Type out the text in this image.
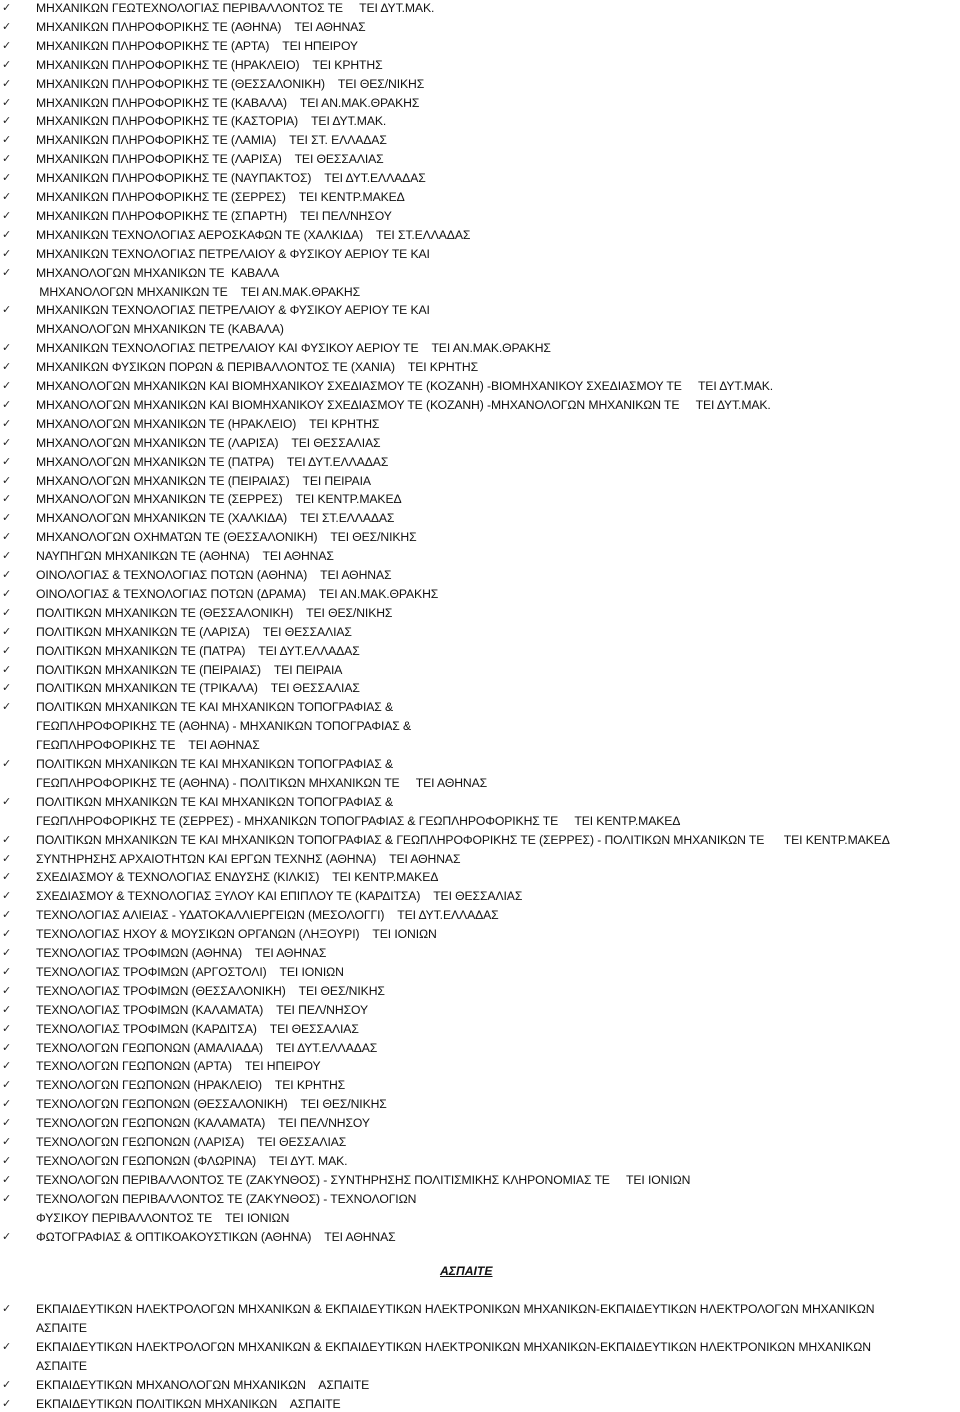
✓	ΜΗΧΑΝΙΚΩΝ ΓΕΩΤΕΧΝΟΛΟΓΙΑΣ ΠΕΡΙΒΑΛΛΟΝΤΟΣ ΤΕ     ΤΕΙ ΔΥΤ.ΜΑΚ.
✓	ΜΗΧΑΝΙΚΩΝ ΠΛΗΡΟΦΟΡΙΚΗΣ ΤΕ (ΑΘΗΝΑ)    ΤΕΙ ΑΘΗΝΑΣ
✓	ΜΗΧΑΝΙΚΩΝ ΠΛΗΡΟΦΟΡΙΚΗΣ ΤΕ (ΑΡΤΑ)    ΤΕΙ ΗΠΕΙΡΟΥ
✓	ΜΗΧΑΝΙΚΩΝ ΠΛΗΡΟΦΟΡΙΚΗΣ ΤΕ (ΗΡΑΚΛΕΙΟ)    ΤΕΙ ΚΡΗΤΗΣ
✓	ΜΗΧΑΝΙΚΩΝ ΠΛΗΡΟΦΟΡΙΚΗΣ ΤΕ (ΘΕΣΣΑΛΟΝΙΚΗ)    ΤΕΙ ΘΕΣ/ΝΙΚΗΣ
✓	ΜΗΧΑΝΙΚΩΝ ΠΛΗΡΟΦΟΡΙΚΗΣ ΤΕ (ΚΑΒΑΛΑ)    ΤΕΙ ΑΝ.ΜΑΚ.ΘΡΑΚΗΣ
✓	ΜΗΧΑΝΙΚΩΝ ΠΛΗΡΟΦΟΡΙΚΗΣ ΤΕ (ΚΑΣΤΟΡΙΑ)    ΤΕΙ ΔΥΤ.ΜΑΚ.
✓	ΜΗΧΑΝΙΚΩΝ ΠΛΗΡΟΦΟΡΙΚΗΣ ΤΕ (ΛΑΜΙΑ)    ΤΕΙ ΣΤ. ΕΛΛΑΔΑΣ
✓	ΜΗΧΑΝΙΚΩΝ ΠΛΗΡΟΦΟΡΙΚΗΣ ΤΕ (ΛΑΡΙΣΑ)    ΤΕΙ ΘΕΣΣΑΛΙΑΣ
✓	ΜΗΧΑΝΙΚΩΝ ΠΛΗΡΟΦΟΡΙΚΗΣ ΤΕ (ΝΑΥΠΑΚΤΟΣ)    ΤΕΙ ΔΥΤ.ΕΛΛΑΔΑΣ
✓	ΜΗΧΑΝΙΚΩΝ ΠΛΗΡΟΦΟΡΙΚΗΣ ΤΕ (ΣΕΡΡΕΣ)    ΤΕΙ ΚΕΝΤΡ.ΜΑΚΕΔ
✓	ΜΗΧΑΝΙΚΩΝ ΠΛΗΡΟΦΟΡΙΚΗΣ ΤΕ (ΣΠΑΡΤΗ)    ΤΕΙ ΠΕΛ/ΝΗΣΟΥ
✓	ΜΗΧΑΝΙΚΩΝ ΤΕΧΝΟΛΟΓΙΑΣ ΑΕΡΟΣΚΑΦΩΝ ΤΕ (ΧΑΛΚΙΔΑ)    ΤΕΙ ΣΤ.ΕΛΛΑΔΑΣ
✓	ΜΗΧΑΝΙΚΩΝ ΤΕΧΝΟΛΟΓΙΑΣ ΠΕΤΡΕΛΑΙΟΥ & ΦΥΣΙΚΟΥ ΑΕΡΙΟΥ ΤΕ ΚΑΙ
✓	ΜΗΧΑΝΟΛΟΓΩΝ ΜΗΧΑΝΙΚΩΝ ΤΕ  ΚΑΒΑΛΑ
ΜΗΧΑΝΟΛΟΓΩΝ ΜΗΧΑΝΙΚΩΝ ΤΕ    ΤΕΙ ΑΝ.ΜΑΚ.ΘΡΑΚΗΣ
✓	ΜΗΧΑΝΙΚΩΝ ΤΕΧΝΟΛΟΓΙΑΣ ΠΕΤΡΕΛΑΙΟΥ & ΦΥΣΙΚΟΥ ΑΕΡΙΟΥ ΤΕ ΚΑΙ
ΜΗΧΑΝΟΛΟΓΩΝ ΜΗΧΑΝΙΚΩΝ ΤΕ (ΚΑΒΑΛΑ)
✓	ΜΗΧΑΝΙΚΩΝ ΤΕΧΝΟΛΟΓΙΑΣ ΠΕΤΡΕΛΑΙΟΥ ΚΑΙ ΦΥΣΙΚΟΥ ΑΕΡΙΟΥ ΤΕ    ΤΕΙ ΑΝ.ΜΑΚ.ΘΡΑΚΗΣ
✓	ΜΗΧΑΝΙΚΩΝ ΦΥΣΙΚΩΝ ΠΟΡΩΝ & ΠΕΡΙΒΑΛΛΟΝΤΟΣ ΤΕ (ΧΑΝΙΑ)    ΤΕΙ ΚΡΗΤΗΣ
✓	ΜΗΧΑΝΟΛΟΓΩΝ ΜΗΧΑΝΙΚΩΝ ΚΑΙ ΒΙΟΜΗΧΑΝΙΚΟΥ ΣΧΕΔΙΑΣΜΟΥ ΤΕ (ΚΟΖΑΝΗ) -ΒΙΟΜΗΧΑΝΙΚΟΥ ΣΧΕΔΙΑΣΜΟΥ ΤΕ     ΤΕΙ ΔΥΤ.ΜΑΚ.
✓	ΜΗΧΑΝΟΛΟΓΩΝ ΜΗΧΑΝΙΚΩΝ ΚΑΙ ΒΙΟΜΗΧΑΝΙΚΟΥ ΣΧΕΔΙΑΣΜΟΥ ΤΕ (ΚΟΖΑΝΗ) -ΜΗΧΑΝΟΛΟΓΩΝ ΜΗΧΑΝΙΚΩΝ ΤΕ     ΤΕΙ ΔΥΤ.ΜΑΚ.
✓	ΜΗΧΑΝΟΛΟΓΩΝ ΜΗΧΑΝΙΚΩΝ ΤΕ (ΗΡΑΚΛΕΙΟ)    ΤΕΙ ΚΡΗΤΗΣ
✓	ΜΗΧΑΝΟΛΟΓΩΝ ΜΗΧΑΝΙΚΩΝ ΤΕ (ΛΑΡΙΣΑ)    ΤΕΙ ΘΕΣΣΑΛΙΑΣ
✓	ΜΗΧΑΝΟΛΟΓΩΝ ΜΗΧΑΝΙΚΩΝ ΤΕ (ΠΑΤΡΑ)    ΤΕΙ ΔΥΤ.ΕΛΛΑΔΑΣ
✓	ΜΗΧΑΝΟΛΟΓΩΝ ΜΗΧΑΝΙΚΩΝ ΤΕ (ΠΕΙΡΑΙΑΣ)    ΤΕΙ ΠΕΙΡΑΙΑ
✓	ΜΗΧΑΝΟΛΟΓΩΝ ΜΗΧΑΝΙΚΩΝ ΤΕ (ΣΕΡΡΕΣ)    ΤΕΙ ΚΕΝΤΡ.ΜΑΚΕΔ
✓	ΜΗΧΑΝΟΛΟΓΩΝ ΜΗΧΑΝΙΚΩΝ ΤΕ (ΧΑΛΚΙΔΑ)    ΤΕΙ ΣΤ.ΕΛΛΑΔΑΣ
✓	ΜΗΧΑΝΟΛΟΓΩΝ ΟΧΗΜΑΤΩΝ ΤΕ (ΘΕΣΣΑΛΟΝΙΚΗ)    ΤΕΙ ΘΕΣ/ΝΙΚΗΣ
✓	ΝΑΥΠΗΓΩΝ ΜΗΧΑΝΙΚΩΝ ΤΕ (ΑΘΗΝΑ)    ΤΕΙ ΑΘΗΝΑΣ
✓	ΟΙΝΟΛΟΓΙΑΣ & ΤΕΧΝΟΛΟΓΙΑΣ ΠΟΤΩΝ (ΑΘΗΝΑ)    ΤΕΙ ΑΘΗΝΑΣ
✓	ΟΙΝΟΛΟΓΙΑΣ & ΤΕΧΝΟΛΟΓΙΑΣ ΠΟΤΩΝ (ΔΡΑΜΑ)    ΤΕΙ ΑΝ.ΜΑΚ.ΘΡΑΚΗΣ
✓	ΠΟΛΙΤΙΚΩΝ ΜΗΧΑΝΙΚΩΝ ΤΕ (ΘΕΣΣΑΛΟΝΙΚΗ)    ΤΕΙ ΘΕΣ/ΝΙΚΗΣ
✓	ΠΟΛΙΤΙΚΩΝ ΜΗΧΑΝΙΚΩΝ ΤΕ (ΛΑΡΙΣΑ)    ΤΕΙ ΘΕΣΣΑΛΙΑΣ
✓	ΠΟΛΙΤΙΚΩΝ ΜΗΧΑΝΙΚΩΝ ΤΕ (ΠΑΤΡΑ)    ΤΕΙ ΔΥΤ.ΕΛΛΑΔΑΣ
✓	ΠΟΛΙΤΙΚΩΝ ΜΗΧΑΝΙΚΩΝ ΤΕ (ΠΕΙΡΑΙΑΣ)    ΤΕΙ ΠΕΙΡΑΙΑ
✓	ΠΟΛΙΤΙΚΩΝ ΜΗΧΑΝΙΚΩΝ ΤΕ (ΤΡΙΚΑΛΑ)    ΤΕΙ ΘΕΣΣΑΛΙΑΣ
✓	ΠΟΛΙΤΙΚΩΝ ΜΗΧΑΝΙΚΩΝ ΤΕ ΚΑΙ ΜΗΧΑΝΙΚΩΝ ΤΟΠΟΓΡΑΦΙΑΣ &
ΓΕΩΠΛΗΡΟΦΟΡΙΚΗΣ ΤΕ (ΑΘΗΝΑ) - ΜΗΧΑΝΙΚΩΝ ΤΟΠΟΓΡΑΦΙΑΣ &
ΓΕΩΠΛΗΡΟΦΟΡΙΚΗΣ ΤΕ    ΤΕΙ ΑΘΗΝΑΣ
✓	ΠΟΛΙΤΙΚΩΝ ΜΗΧΑΝΙΚΩΝ ΤΕ ΚΑΙ ΜΗΧΑΝΙΚΩΝ ΤΟΠΟΓΡΑΦΙΑΣ &
ΓΕΩΠΛΗΡΟΦΟΡΙΚΗΣ ΤΕ (ΑΘΗΝΑ) - ΠΟΛΙΤΙΚΩΝ ΜΗΧΑΝΙΚΩΝ ΤΕ     ΤΕΙ ΑΘΗΝΑΣ
✓	ΠΟΛΙΤΙΚΩΝ ΜΗΧΑΝΙΚΩΝ ΤΕ ΚΑΙ ΜΗΧΑΝΙΚΩΝ ΤΟΠΟΓΡΑΦΙΑΣ &
ΓΕΩΠΛΗΡΟΦΟΡΙΚΗΣ ΤΕ (ΣΕΡΡΕΣ) - ΜΗΧΑΝΙΚΩΝ ΤΟΠΟΓΡΑΦΙΑΣ & ΓΕΩΠΛΗΡΟΦΟΡΙΚΗΣ ΤΕ     ΤΕΙ ΚΕΝΤΡ.ΜΑΚΕΔ
✓	ΠΟΛΙΤΙΚΩΝ ΜΗΧΑΝΙΚΩΝ ΤΕ ΚΑΙ ΜΗΧΑΝΙΚΩΝ ΤΟΠΟΓΡΑΦΙΑΣ & ΓΕΩΠΛΗΡΟΦΟΡΙΚΗΣ ΤΕ (ΣΕΡΡΕΣ) - ΠΟΛΙΤΙΚΩΝ ΜΗΧΑΝΙΚΩΝ ΤΕ      ΤΕΙ ΚΕΝΤΡ.ΜΑΚΕΔ
✓	ΣΥΝΤΗΡΗΣΗΣ ΑΡΧΑΙΟΤΗΤΩΝ ΚΑΙ ΕΡΓΩΝ ΤΕΧΝΗΣ (ΑΘΗΝΑ)    ΤΕΙ ΑΘΗΝΑΣ
✓	ΣΧΕΔΙΑΣΜΟΥ & ΤΕΧΝΟΛΟΓΙΑΣ ΕΝΔΥΣΗΣ (ΚΙΛΚΙΣ)    ΤΕΙ ΚΕΝΤΡ.ΜΑΚΕΔ
✓	ΣΧΕΔΙΑΣΜΟΥ & ΤΕΧΝΟΛΟΓΙΑΣ ΞΥΛΟΥ ΚΑΙ ΕΠΙΠΛΟΥ ΤΕ (ΚΑΡΔΙΤΣΑ)    ΤΕΙ ΘΕΣΣΑΛΙΑΣ
✓	ΤΕΧΝΟΛΟΓΙΑΣ ΑΛΙΕΙΑΣ - ΥΔΑΤΟΚΑΛΛΙΕΡΓΕΙΩΝ (ΜΕΣΟΛΟΓΓΙ)    ΤΕΙ ΔΥΤ.ΕΛΛΑΔΑΣ
✓	ΤΕΧΝΟΛΟΓΙΑΣ ΗΧΟΥ & ΜΟΥΣΙΚΩΝ ΟΡΓΑΝΩΝ (ΛΗΞΟΥΡΙ)    ΤΕΙ ΙΟΝΙΩΝ
✓	ΤΕΧΝΟΛΟΓΙΑΣ ΤΡΟΦΙΜΩΝ (ΑΘΗΝΑ)    ΤΕΙ ΑΘΗΝΑΣ
✓	ΤΕΧΝΟΛΟΓΙΑΣ ΤΡΟΦΙΜΩΝ (ΑΡΓΟΣΤΟΛΙ)    ΤΕΙ ΙΟΝΙΩΝ
✓	ΤΕΧΝΟΛΟΓΙΑΣ ΤΡΟΦΙΜΩΝ (ΘΕΣΣΑΛΟΝΙΚΗ)    ΤΕΙ ΘΕΣ/ΝΙΚΗΣ
✓	ΤΕΧΝΟΛΟΓΙΑΣ ΤΡΟΦΙΜΩΝ (ΚΑΛΑΜΑΤΑ)    ΤΕΙ ΠΕΛ/ΝΗΣΟΥ
✓	ΤΕΧΝΟΛΟΓΙΑΣ ΤΡΟΦΙΜΩΝ (ΚΑΡΔΙΤΣΑ)    ΤΕΙ ΘΕΣΣΑΛΙΑΣ
✓	ΤΕΧΝΟΛΟΓΩΝ ΓΕΩΠΟΝΩΝ (ΑΜΑΛΙΑΔΑ)    ΤΕΙ ΔΥΤ.ΕΛΛΑΔΑΣ
✓	ΤΕΧΝΟΛΟΓΩΝ ΓΕΩΠΟΝΩΝ (ΑΡΤΑ)    ΤΕΙ ΗΠΕΙΡΟΥ
✓	ΤΕΧΝΟΛΟΓΩΝ ΓΕΩΠΟΝΩΝ (ΗΡΑΚΛΕΙΟ)    ΤΕΙ ΚΡΗΤΗΣ
✓	ΤΕΧΝΟΛΟΓΩΝ ΓΕΩΠΟΝΩΝ (ΘΕΣΣΑΛΟΝΙΚΗ)    ΤΕΙ ΘΕΣ/ΝΙΚΗΣ
✓	ΤΕΧΝΟΛΟΓΩΝ ΓΕΩΠΟΝΩΝ (ΚΑΛΑΜΑΤΑ)    ΤΕΙ ΠΕΛ/ΝΗΣΟΥ
✓	ΤΕΧΝΟΛΟΓΩΝ ΓΕΩΠΟΝΩΝ (ΛΑΡΙΣΑ)    ΤΕΙ ΘΕΣΣΑΛΙΑΣ
✓	ΤΕΧΝΟΛΟΓΩΝ ΓΕΩΠΟΝΩΝ (ΦΛΩΡΙΝΑ)    ΤΕΙ ΔΥΤ. ΜΑΚ.
✓	ΤΕΧΝΟΛΟΓΩΝ ΠΕΡΙΒΑΛΛΟΝΤΟΣ ΤΕ (ΖΑΚΥΝΘΟΣ) - ΣΥΝΤΗΡΗΣΗΣ ΠΟΛΙΤΙΣΜΙΚΗΣ ΚΛΗΡΟΝΟΜΙΑΣ ΤΕ     ΤΕΙ ΙΟΝΙΩΝ
✓	ΤΕΧΝΟΛΟΓΩΝ ΠΕΡΙΒΑΛΛΟΝΤΟΣ ΤΕ (ΖΑΚΥΝΘΟΣ) - ΤΕΧΝΟΛΟΓΙΩΝ
ΦΥΣΙΚΟΥ ΠΕΡΙΒΑΛΛΟΝΤΟΣ ΤΕ    ΤΕΙ ΙΟΝΙΩΝ
✓	ΦΩΤΟΓΡΑΦΙΑΣ & ΟΠΤΙΚΟΑΚΟΥΣΤΙΚΩΝ (ΑΘΗΝΑ)    ΤΕΙ ΑΘΗΝΑΣ
ΑΣΠΑΙΤΕ
✓	ΕΚΠΑΙΔΕΥΤΙΚΩΝ ΗΛΕΚΤΡΟΛΟΓΩΝ ΜΗΧΑΝΙΚΩΝ & ΕΚΠΑΙΔΕΥΤΙΚΩΝ ΗΛΕΚΤΡΟΝΙΚΩΝ ΜΗΧΑΝΙΚΩΝ-ΕΚΠΑΙΔΕΥΤΙΚΩΝ ΗΛΕΚΤΡΟΛΟΓΩΝ ΜΗΧΑΝΙΚΩΝ
ΑΣΠΑΙΤΕ
✓	ΕΚΠΑΙΔΕΥΤΙΚΩΝ ΗΛΕΚΤΡΟΛΟΓΩΝ ΜΗΧΑΝΙΚΩΝ & ΕΚΠΑΙΔΕΥΤΙΚΩΝ ΗΛΕΚΤΡΟΝΙΚΩΝ ΜΗΧΑΝΙΚΩΝ-ΕΚΠΑΙΔΕΥΤΙΚΩΝ ΗΛΕΚΤΡΟΝΙΚΩΝ ΜΗΧΑΝΙΚΩΝ
ΑΣΠΑΙΤΕ
✓	ΕΚΠΑΙΔΕΥΤΙΚΩΝ ΜΗΧΑΝΟΛΟΓΩΝ ΜΗΧΑΝΙΚΩΝ    ΑΣΠΑΙΤΕ
✓	ΕΚΠΑΙΔΕΥΤΙΚΩΝ ΠΟΛΙΤΙΚΩΝ ΜΗΧΑΝΙΚΩΝ    ΑΣΠΑΙΤΕ
